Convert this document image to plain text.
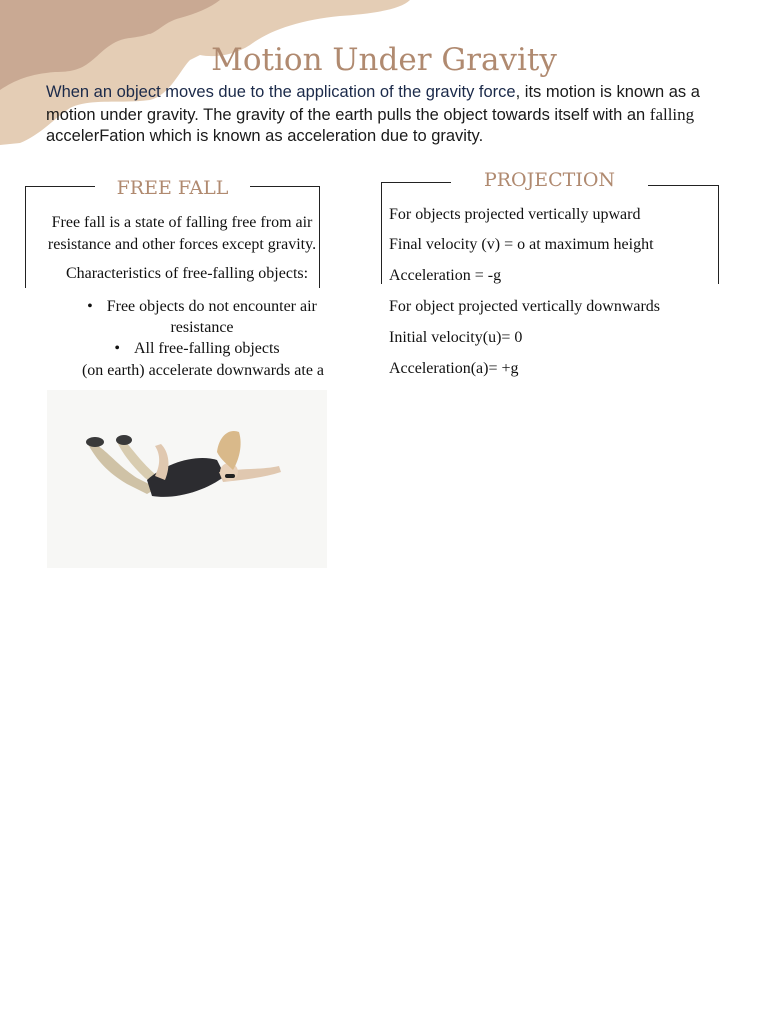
Motion Under Gravity
When an object moves due to the application of the gravity force, its motion is known as a motion under gravity. The gravity of the earth pulls the object towards itself with an falling accelerFation which is known as acceleration due to gravity.
FREE FALL
Free fall is a state of falling free from air resistance and other forces except gravity.
Characteristics of free-falling objects:
• Free objects do not encounter air resistance
• All free-falling objects
(on earth) accelerate downwards ate a
PROJECTION
For objects projected vertically upward
Final velocity (v) = o at maximum height
Acceleration = -g
For object projected vertically downwards
Initial velocity(u)= 0
Acceleration(a)= +g
